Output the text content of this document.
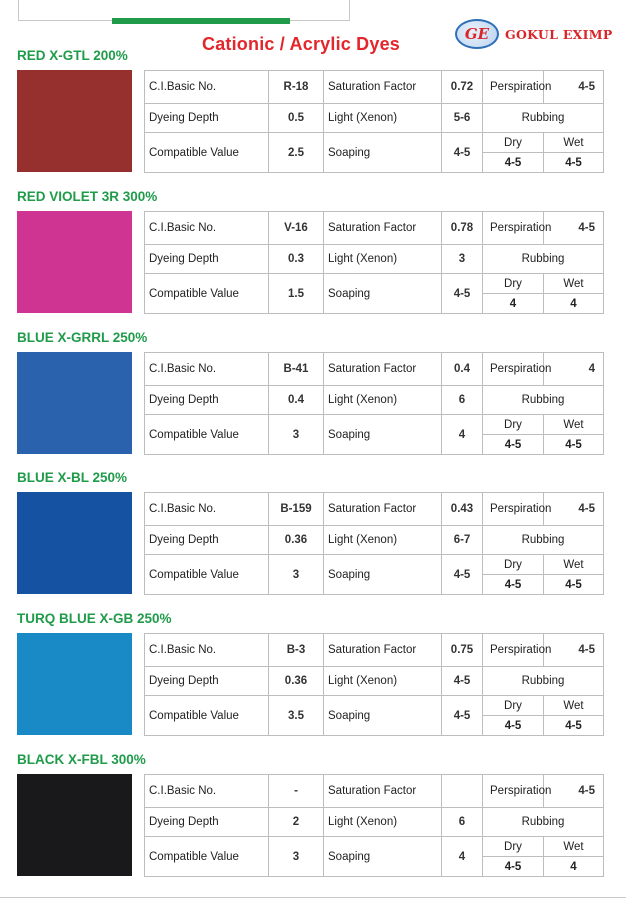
Cationic / Acrylic Dyes	GE GOKUL EXIMP
RED X-GTL 200%
C.I.Basic No.	R-18	Saturation Factor	0.72	Perspiration	4-5
Dyeing Depth	0.5	Light (Xenon)	5-6	Rubbing	
Compatible Value	2.5	Soaping	4-5	Dry	Wet
				4-5	4-5
RED VIOLET 3R 300%
C.I.Basic No.	V-16	Saturation Factor	0.78	Perspiration	4-5
Dyeing Depth	0.3	Light (Xenon)	3	Rubbing	
Compatible Value	1.5	Soaping	4-5	Dry	Wet
				4	4
BLUE X-GRRL 250%
C.I.Basic No.	B-41	Saturation Factor	0.4	Perspiration	4
Dyeing Depth	0.4	Light (Xenon)	6	Rubbing	
Compatible Value	3	Soaping	4	Dry	Wet
				4-5	4-5
BLUE X-BL 250%
C.I.Basic No.	B-159	Saturation Factor	0.43	Perspiration	4-5
Dyeing Depth	0.36	Light (Xenon)	6-7	Rubbing	
Compatible Value	3	Soaping	4-5	Dry	Wet
				4-5	4-5
TURQ BLUE X-GB 250%
C.I.Basic No.	B-3	Saturation Factor	0.75	Perspiration	4-5
Dyeing Depth	0.36	Light (Xenon)	4-5	Rubbing	
Compatible Value	3.5	Soaping	4-5	Dry	Wet
				4-5	4-5
BLACK X-FBL 300%
C.I.Basic No.	-	Saturation Factor		Perspiration	4-5
Dyeing Depth	2	Light (Xenon)	6	Rubbing	
Compatible Value	3	Soaping	4	Dry	Wet
				4-5	4
